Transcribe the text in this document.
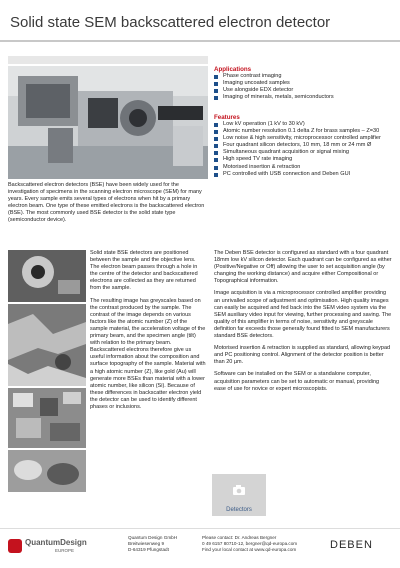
Solid state SEM backscattered electron detector
Applications
Phase contrast imaging
Imaging uncoated samples
Use alongside EDX detector
Imaging of minerals, metals, semiconductors
Features
Low kV operation (1 kV to 30 kV)
Atomic number resolution 0.1 delta Z for brass samples – Z=30
Low noise & high sensitivity, microprocessor controlled amplifier
Four quadrant silicon detectors, 10 mm, 18 mm or 24 mm Ø
Simultaneous quadrant acquisition or signal mixing
High speed TV rate imaging
Motorised insertion & retraction
PC controlled with USB connection and Deben GUI
Backscattered electron detectors (BSE) have been widely used for the investigation of specimens in the scanning electron microscope (SEM) for many years. Every sample emits several types of electrons when hit by a primary electron beam. One type of these emitted electrons is the backscattered electron (BSE). The most commonly used BSE detector is the solid state type (semiconductor device).

Solid state BSE detectors are positioned between the sample and the objective lens. The electron beam passes through a hole in the centre of the detector and backscattered electrons are collected as they are returned from the sample.

The resulting image has greyscales based on the contrast produced by the sample. The contrast of the image depends on various factors like the atomic number (Z) of the sample material, the acceleration voltage of the primary beam, and the specimen angle (tilt) with relation to the primary beam. Backscattered electrons therefore give us useful information about the composition and surface topography of the sample. Material with a high atomic number (Z), like gold (Au) will generate more BSEs than material with a lower atomic number, like silicon (Si). Because of these differences in backscatter electron yield the detector can be used to identify different phases or inclusions.

The Deben BSE detector is configured as standard with a four quadrant 18mm low kV silicon detector. Each quadrant can be configured as either (Positive/Negative or Off) allowing the user to set acquisition angle (by changing the working distance) and acquire either Compositional or Topographical information.

Image acquisition is via a microprocessor controlled amplifier providing an unrivalled scope of adjustment and optimisation. High quality images can easily be acquired and fed back into the SEM video system via the SEM auxiliary video input for viewing, further processing and saving. The quality of this amplifier in terms of noise, sensitivity and greyscale definition far exceeds those generally found fitted to SEM manufacturers standard BSE detectors.

Motorised insertion & retraction is supplied as standard, allowing keypad and PC positioning control. Alignment of the detector position is better than 20 µm.

Software can be installed on the SEM or a standalone computer, acquisition parameters can be set to automatic or manual, providing ease of use for novice or expert microscopists.

Detectors
QuantumDesign
EUROPE
Quantum Design GmbH
Breitwiesenweg 9
D-64319 Pfungstadt
Please contact: Dr. Andreas Bergner
0 49 6157 80710-12, bergner@qd-europa.com
Find your local contact at www.qd-europa.com	DEBEN
